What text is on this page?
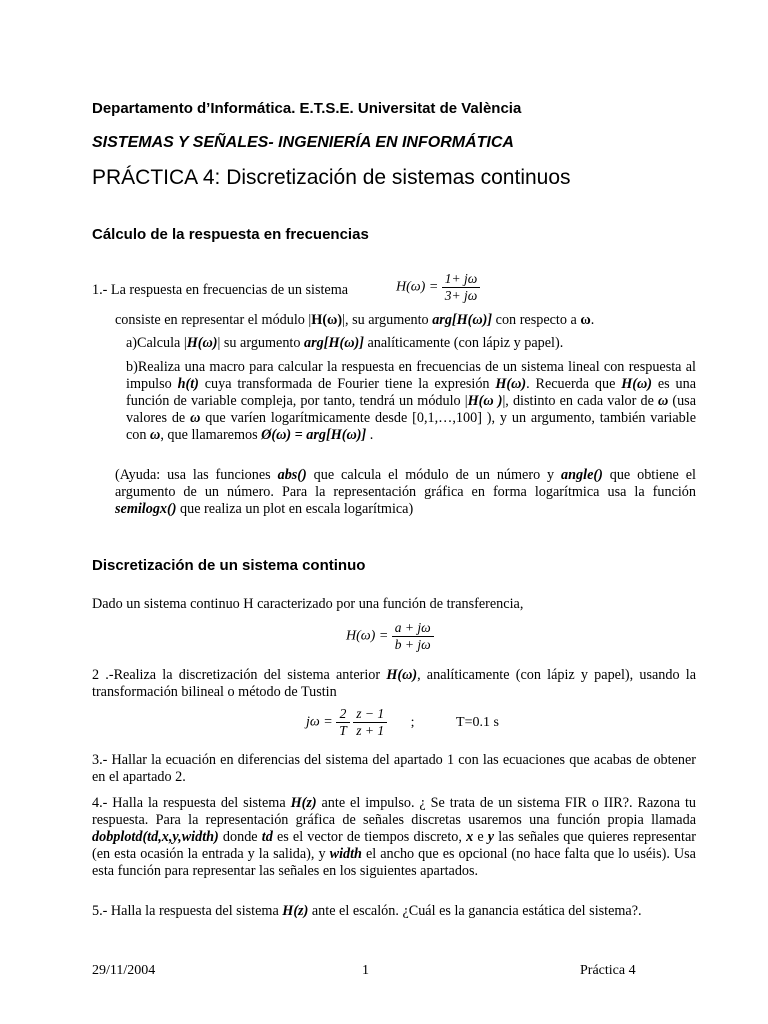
Departamento d’Informática. E.T.S.E. Universitat de València
SISTEMAS Y SEÑALES- INGENIERÍA EN INFORMÁTICA
PRÁCTICA 4: Discretización de sistemas continuos
Cálculo de la respuesta en frecuencias
1.- La respuesta en frecuencias de un sistema	$H(\omega) = \frac{1+ j\omega}{3+ j\omega}$
consiste en representar el módulo |H(ω)|, su argumento arg[H(ω)] con respecto a ω.
a)Calcula |H(ω)| su argumento arg[H(ω)] analíticamente (con lápiz y papel).
b)Realiza una macro para calcular la respuesta en frecuencias de un sistema lineal con respuesta al impulso h(t) cuya transformada de Fourier tiene la expresión H(ω). Recuerda que H(ω) es una función de variable compleja, por tanto, tendrá un módulo |H(ω )|, distinto en cada valor de ω (usa valores de ω que varíen logarítmicamente desde [0,1,…,100] ), y un argumento, también variable con ω, que llamaremos Ø(ω) = arg[H(ω)] .
(Ayuda: usa las funciones abs() que calcula el módulo de un número y angle() que obtiene el argumento de un número. Para la representación gráfica en forma logarítmica usa la función semilogx() que realiza un plot en escala logarítmica)
Discretización de un sistema continuo
Dado un sistema continuo H caracterizado por una función de transferencia,
$H(\omega) = \frac{a + j\omega}{b + j\omega}$
2 .-Realiza la discretización del sistema anterior H(ω), analíticamente (con lápiz y papel), usando la transformación bilineal o método de Tustin
$j\omega = \frac{2}{T}$
$\frac{z - 1}{z + 1}$ ;	T=0.1 s
3.- Hallar la ecuación en diferencias del sistema del apartado 1 con las ecuaciones que acabas de obtener en el apartado 2.
4.- Halla la respuesta del sistema H(z) ante el impulso. ¿ Se trata de un sistema FIR o IIR?. Razona tu respuesta. Para la representación gráfica de señales discretas usaremos una función propia llamada dobplotd(td,x,y,width) donde td es el vector de tiempos discreto, x e y las señales que quieres representar (en esta ocasión la entrada y la salida), y width el ancho que es opcional (no hace falta que lo uséis). Usa esta función para representar las señales en los siguientes apartados.
5.- Halla la respuesta del sistema H(z) ante el escalón. ¿Cuál es la ganancia estática del sistema?.
29/11/2004	1	Práctica 4
